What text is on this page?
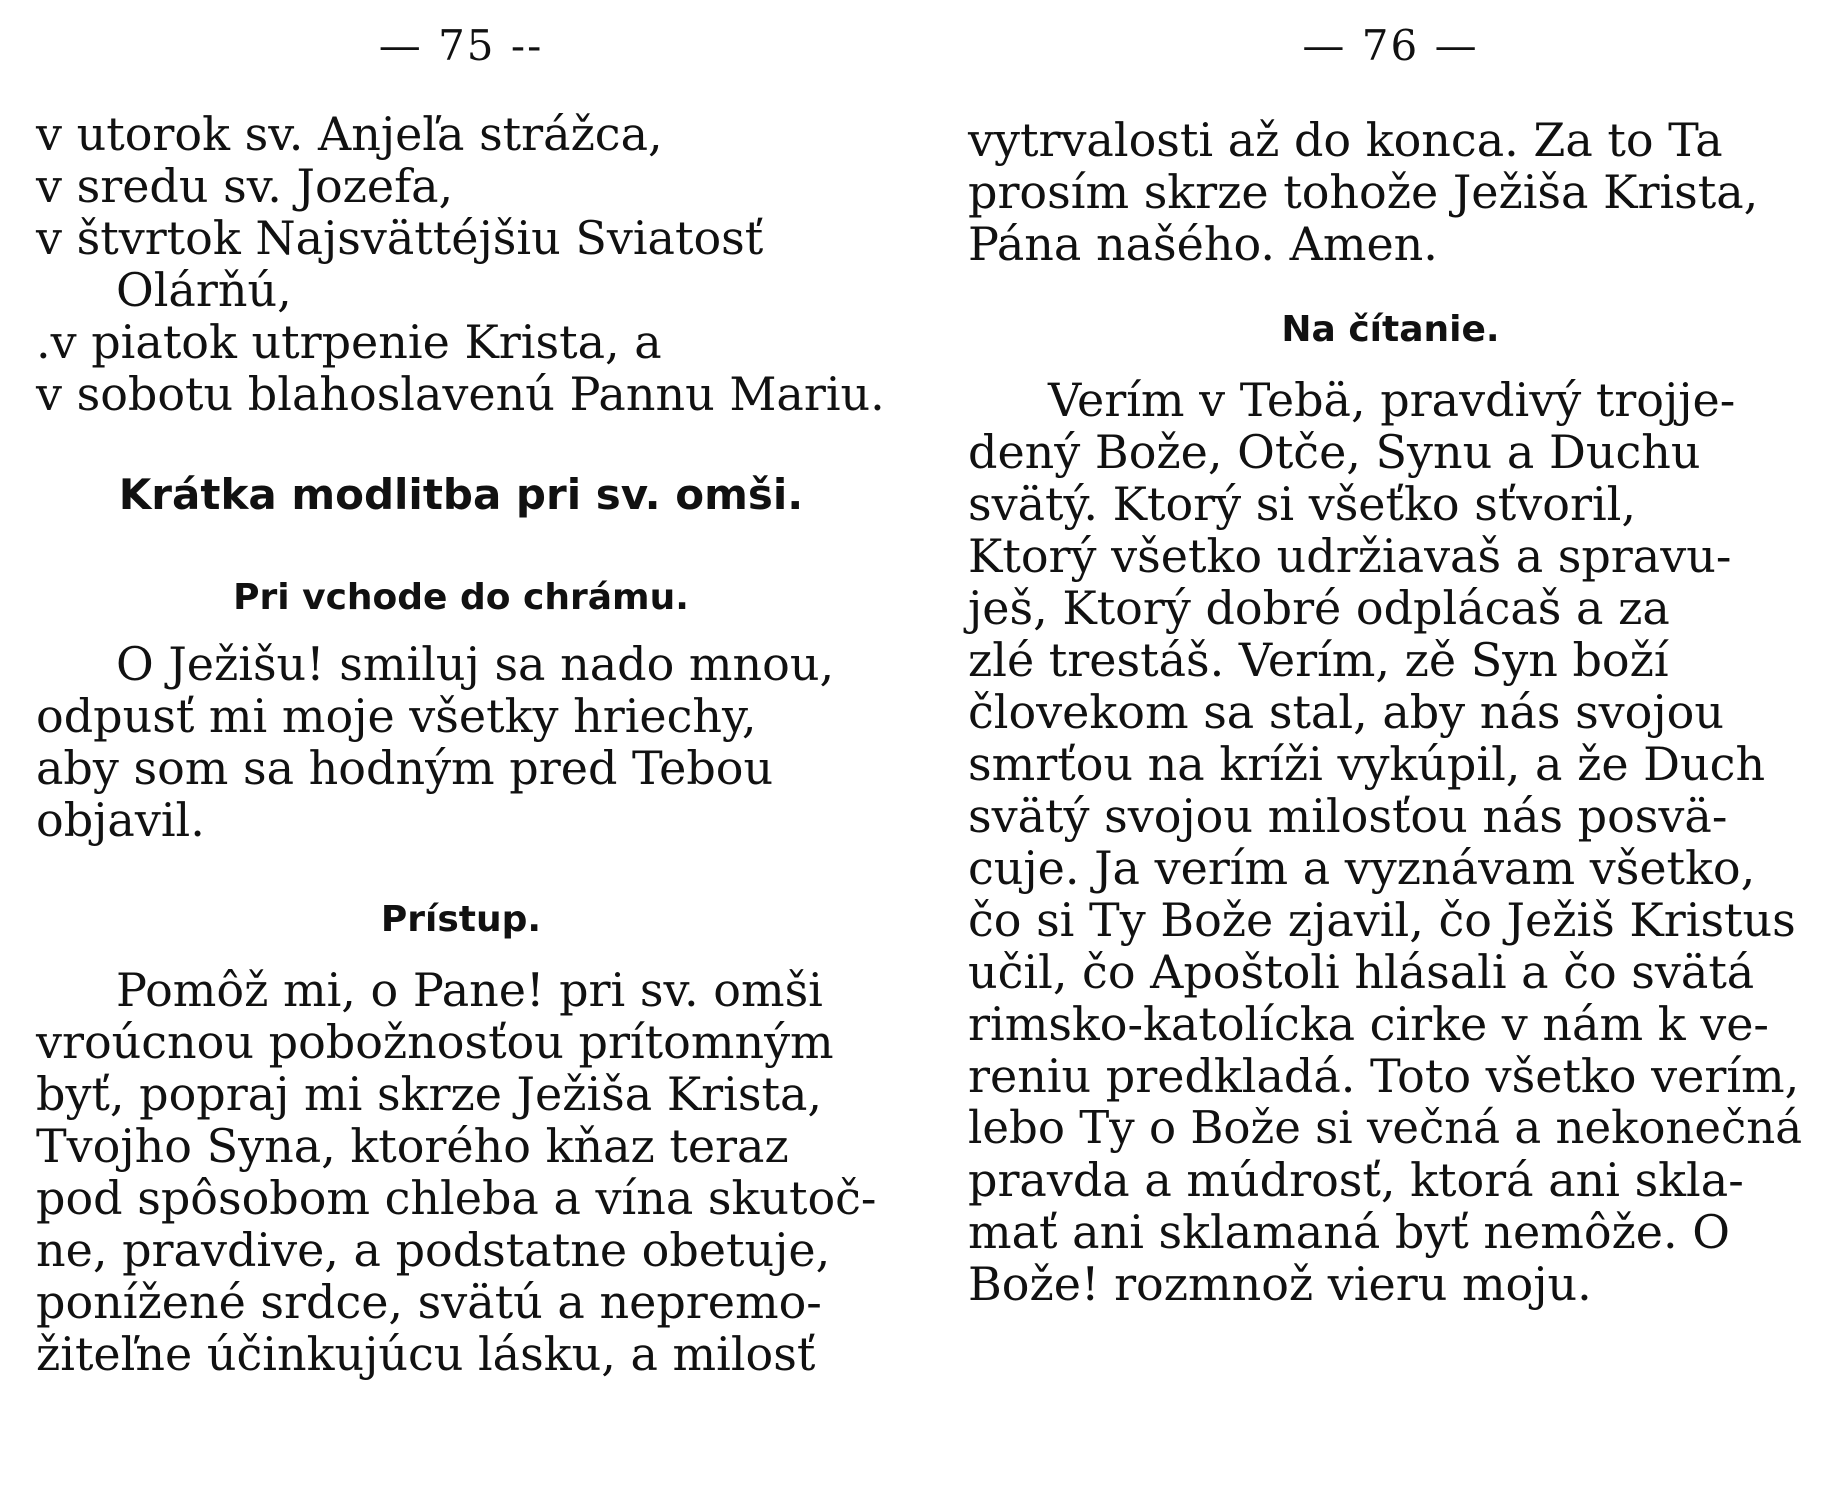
— 75 --
v utorok sv. Anjeľa strážca,
v sredu sv. Jozefa,
v štvrtok Najsvättéjšiu Sviatosť
Olárňú,
.v piatok utrpenie Krista, a
v sobotu blahoslavenú Pannu Mariu.
Krátka modlitba pri sv. omši.
Pri vchode do chrámu.
O Ježišu! smiluj sa nado mnou,
odpusť mi moje všetky hriechy,
aby som sa hodným pred Tebou
objavil.
Prístup.
Pomôž mi, o Pane! pri sv. omši
vroúcnou pobožnosťou prítomným
byť, popraj mi skrze Ježiša Krista,
Tvojho Syna, ktorého kňaz teraz
pod spôsobom chleba a vína skutoč-
ne, pravdive, a podstatne obetuje,
ponížené srdce, svätú a nepremo-
žiteľne účinkujúcu lásku, a milosť
— 76 —
vytrvalosti až do konca. Za to Ta
prosím skrze tohože Ježiša Krista,
Pána našého. Amen.
Na čítanie.
Verím v Tebä, pravdivý trojje-
dený Bože, Otče, Synu a Duchu
svätý. Ktorý si všeťko sťvoril,
Ktorý všetko udržiavaš a spravu-
ješ, Ktorý dobré odplácaš a za
zlé trestáš. Verím, zě Syn boží
človekom sa stal, aby nás svojou
smrťou na kríži vykúpil, a že Duch
svätý svojou milosťou nás posvä-
cuje. Ja verím a vyznávam všetko,
čo si Ty Bože zjavil, čo Ježiš Kristus
učil, čo Apoštoli hlásali a čo svätá
rimsko-katolícka cirke v nám k ve-
reniu predkladá. Toto všetko verím,
lebo Ty o Bože si večná a nekonečná
pravda a múdrosť, ktorá ani skla-
mať ani sklamaná byť nemôže. O
Bože! rozmnož vieru moju.
